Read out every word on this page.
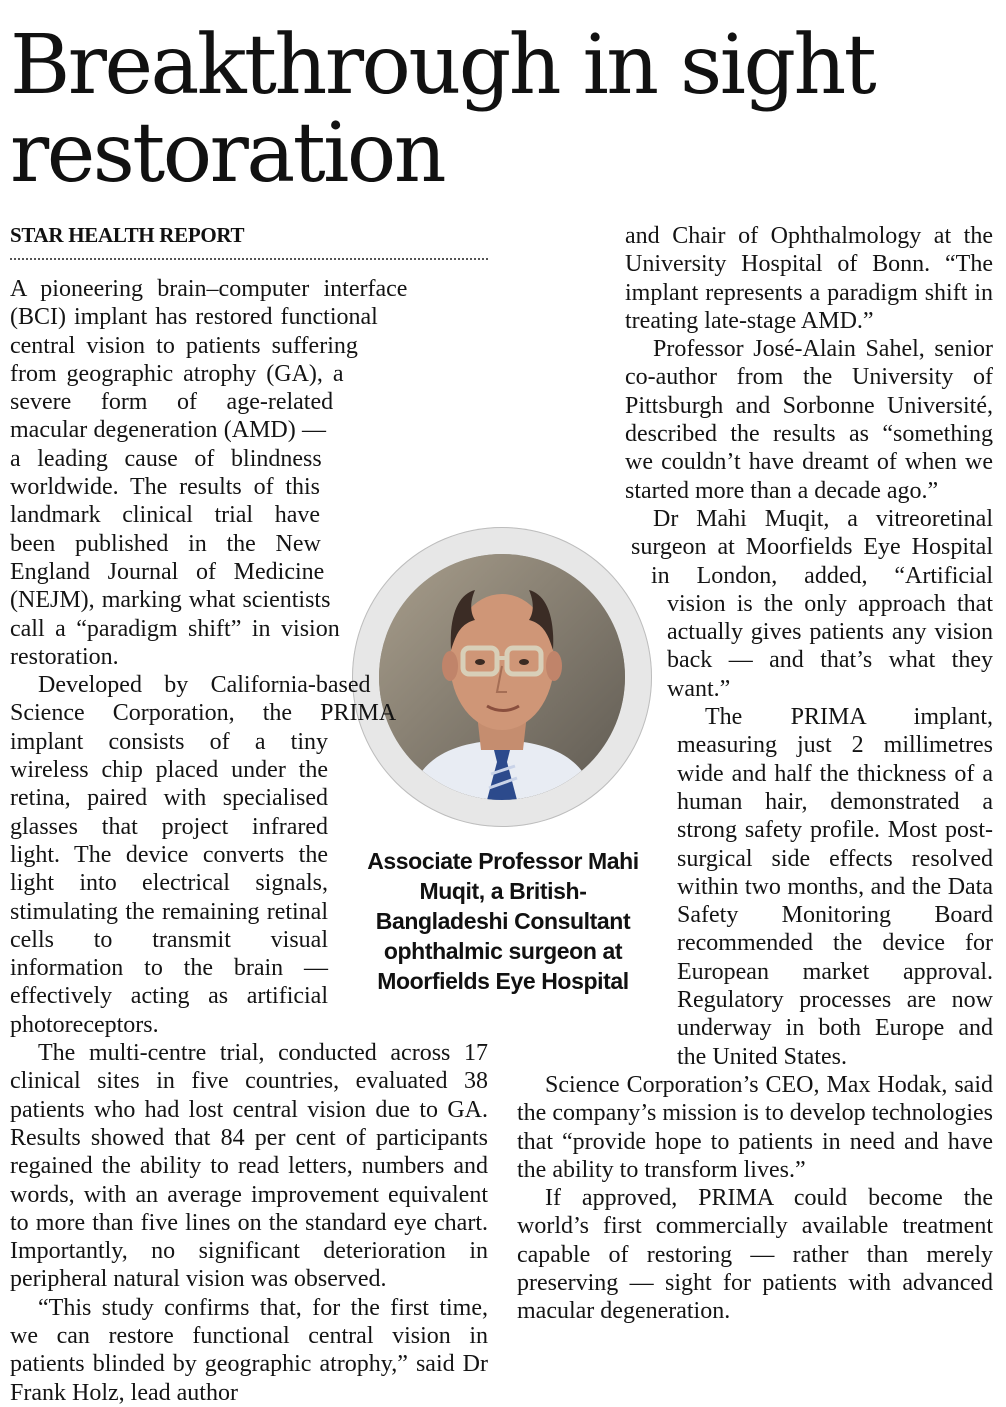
Breakthrough in sight restoration
STAR HEALTH REPORT
Associate Professor Mahi Muqit, a British-Bangladeshi Consultant ophthalmic surgeon at Moorfields Eye Hospital

A pioneering brain–computer interface (BCI) implant has restored functional central vision to patients suffering from geographic atrophy (GA), a severe form of age-related macular degeneration (AMD) — a leading cause of blindness worldwide. The results of this landmark clinical trial have been published in the New England Journal of Medicine (NEJM), marking what scientists call a “paradigm shift” in vision restoration.

Developed by California-based Science Corporation, the PRIMA implant consists of a tiny wireless chip placed under the retina, paired with specialised glasses that project infrared light. The device converts the light into electrical signals, stimulating the remaining retinal cells to transmit visual information to the brain — effectively acting as artificial photoreceptors.

The multi-centre trial, conducted across 17 clinical sites in five countries, evaluated 38 patients who had lost central vision due to GA. Results showed that 84 per cent of participants regained the ability to read letters, numbers and words, with an average improvement equivalent to more than five lines on the standard eye chart. Importantly, no significant deterioration in peripheral natural vision was observed.

“This study confirms that, for the first time, we can restore functional central vision in patients blinded by geographic atrophy,” said Dr Frank Holz, lead author

and Chair of Ophthalmology at the University Hospital of Bonn. “The implant represents a paradigm shift in treating late-stage AMD.”

Professor José-Alain Sahel, senior co-author from the University of Pittsburgh and Sorbonne Université, described the results as “something we couldn’t have dreamt of when we started more than a decade ago.”

Dr Mahi Muqit, a vitreoretinal surgeon at Moorfields Eye Hospital in London, added, “Artificial vision is the only approach that actually gives patients any vision back — and that’s what they want.”

The PRIMA implant, measuring just 2 millimetres wide and half the thickness of a human hair, demonstrated a strong safety profile. Most post-surgical side effects resolved within two months, and the Data Safety Monitoring Board recommended the device for European market approval. Regulatory processes are now underway in both Europe and the United States.

Science Corporation’s CEO, Max Hodak, said the company’s mission is to develop technologies that “provide hope to patients in need and have the ability to transform lives.”

If approved, PRIMA could become the world’s first commercially available treatment capable of restoring — rather than merely preserving — sight for patients with advanced macular degeneration.
